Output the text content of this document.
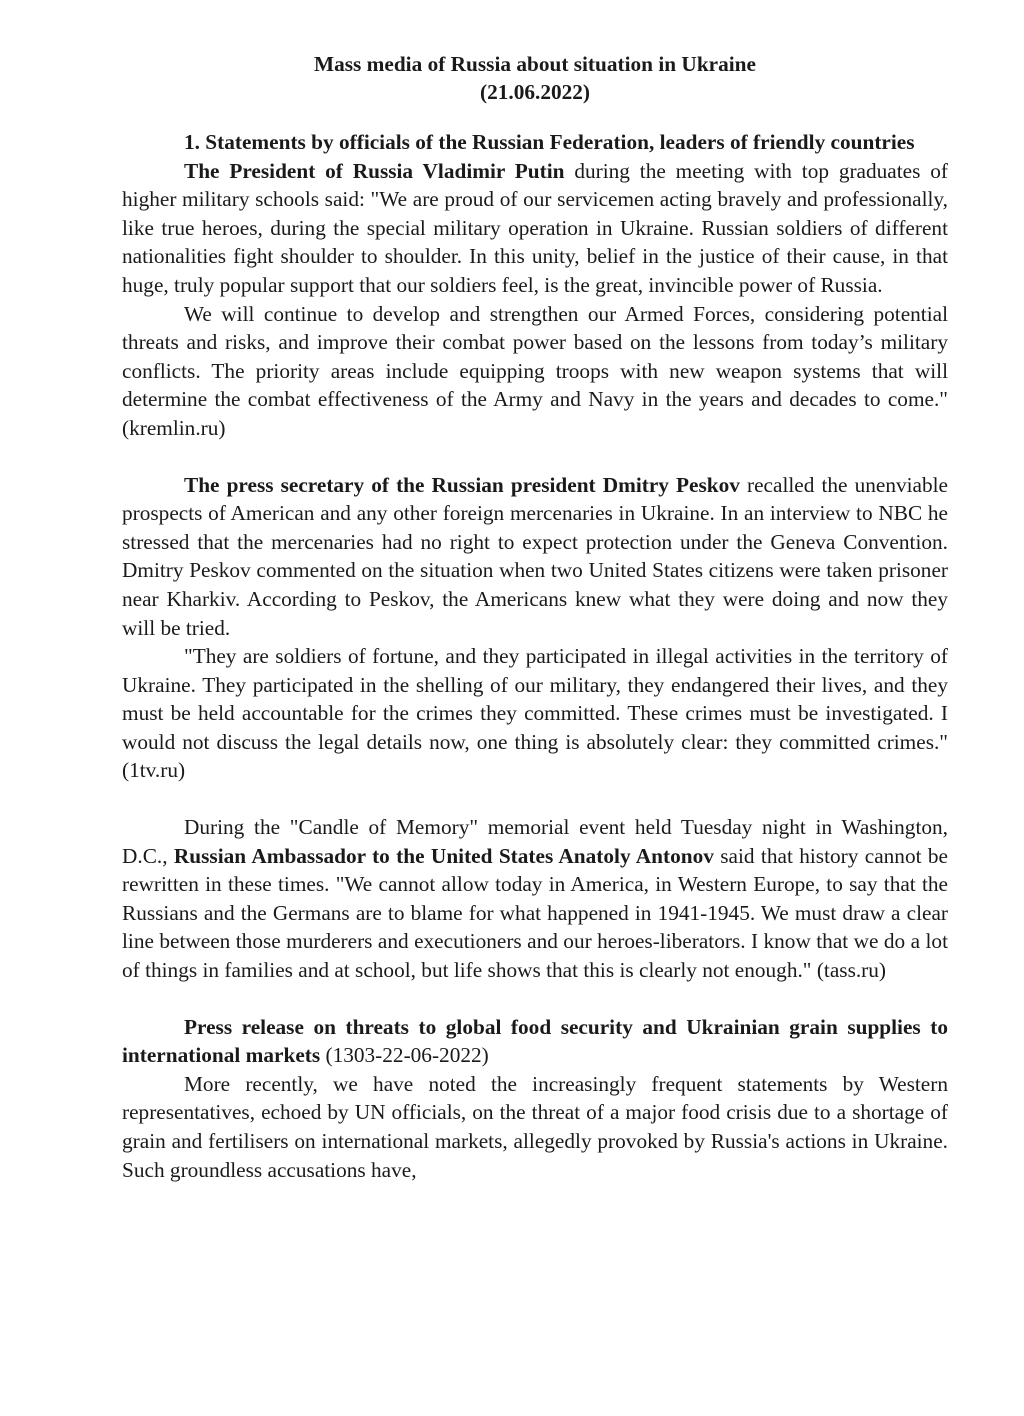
Mass media of Russia about situation in Ukraine
(21.06.2022)
1. Statements by officials of the Russian Federation, leaders of friendly countries

The President of Russia Vladimir Putin during the meeting with top graduates of higher military schools said: "We are proud of our servicemen acting bravely and professionally, like true heroes, during the special military operation in Ukraine. Russian soldiers of different nationalities fight shoulder to shoulder. In this unity, belief in the justice of their cause, in that huge, truly popular support that our soldiers feel, is the great, invincible power of Russia.

We will continue to develop and strengthen our Armed Forces, considering potential threats and risks, and improve their combat power based on the lessons from today’s military conflicts. The priority areas include equipping troops with new weapon systems that will determine the combat effectiveness of the Army and Navy in the years and decades to come." (kremlin.ru)

The press secretary of the Russian president Dmitry Peskov recalled the unenviable prospects of American and any other foreign mercenaries in Ukraine. In an interview to NBC he stressed that the mercenaries had no right to expect protection under the Geneva Convention. Dmitry Peskov commented on the situation when two United States citizens were taken prisoner near Kharkiv. According to Peskov, the Americans knew what they were doing and now they will be tried.

"They are soldiers of fortune, and they participated in illegal activities in the territory of Ukraine. They participated in the shelling of our military, they endangered their lives, and they must be held accountable for the crimes they committed. These crimes must be investigated. I would not discuss the legal details now, one thing is absolutely clear: they committed crimes." (1tv.ru)

During the "Candle of Memory" memorial event held Tuesday night in Washington, D.C., Russian Ambassador to the United States Anatoly Antonov said that history cannot be rewritten in these times. "We cannot allow today in America, in Western Europe, to say that the Russians and the Germans are to blame for what happened in 1941-1945. We must draw a clear line between those murderers and executioners and our heroes-liberators. I know that we do a lot of things in families and at school, but life shows that this is clearly not enough." (tass.ru)

Press release on threats to global food security and Ukrainian grain supplies to international markets (1303-22-06-2022)

More recently, we have noted the increasingly frequent statements by Western representatives, echoed by UN officials, on the threat of a major food crisis due to a shortage of grain and fertilisers on international markets, allegedly provoked by Russia's actions in Ukraine. Such groundless accusations have,
